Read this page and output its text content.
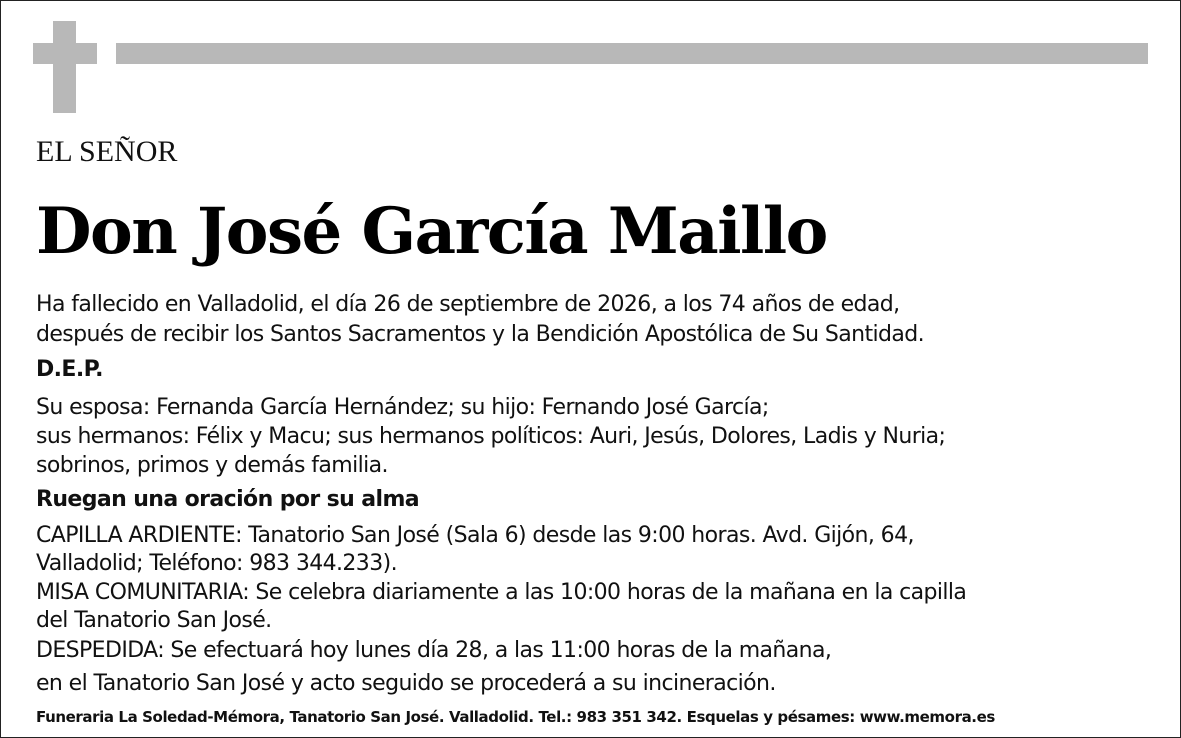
EL SEÑOR
Don José García Maillo
Ha fallecido en Valladolid, el día 26 de septiembre de 2026, a los 74 años de edad,
después de recibir los Santos Sacramentos y la Bendición Apostólica de Su Santidad.
D.E.P.
Su esposa: Fernanda García Hernández; su hijo: Fernando José García;
sus hermanos: Félix y Macu; sus hermanos políticos: Auri, Jesús, Dolores, Ladis y Nuria;
sobrinos, primos y demás familia.
Ruegan una oración por su alma
CAPILLA ARDIENTE: Tanatorio San José (Sala 6) desde las 9:00 horas. Avd. Gijón, 64,
Valladolid; Teléfono: 983 344.233).
MISA COMUNITARIA: Se celebra diariamente a las 10:00 horas de la mañana en la capilla
del Tanatorio San José.
DESPEDIDA: Se efectuará hoy lunes día 28, a las 11:00 horas de la mañana,
en el Tanatorio San José y acto seguido se procederá a su incineración.
Funeraria La Soledad-Mémora, Tanatorio San José. Valladolid. Tel.: 983 351 342. Esquelas y pésames: www.memora.es
